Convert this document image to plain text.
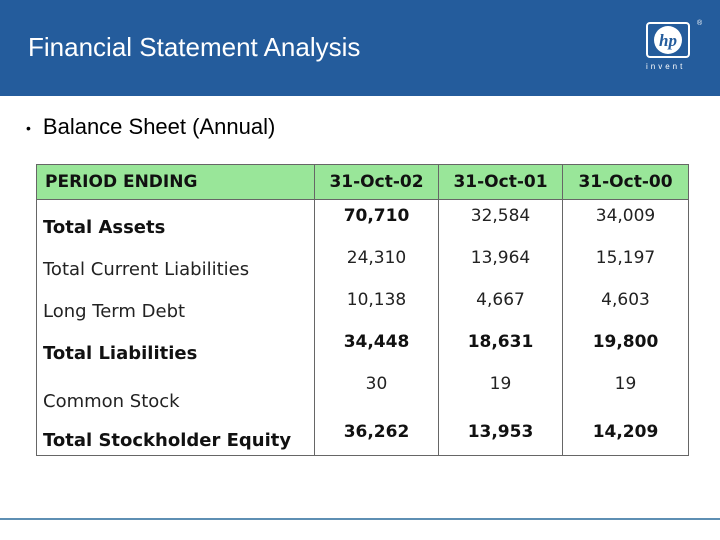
Financial Statement Analysis	hp
®
invent
• Balance Sheet (Annual)
PERIOD ENDING	31-Oct-02	31-Oct-01	31-Oct-00
Total Assets	70,710	32,584	34,009
Total Current Liabilities	24,310	13,964	15,197
Long Term Debt	10,138	4,667	4,603
Total Liabilities	34,448	18,631	19,800
Common Stock	30	19	19
Total Stockholder Equity	36,262	13,953	14,209
